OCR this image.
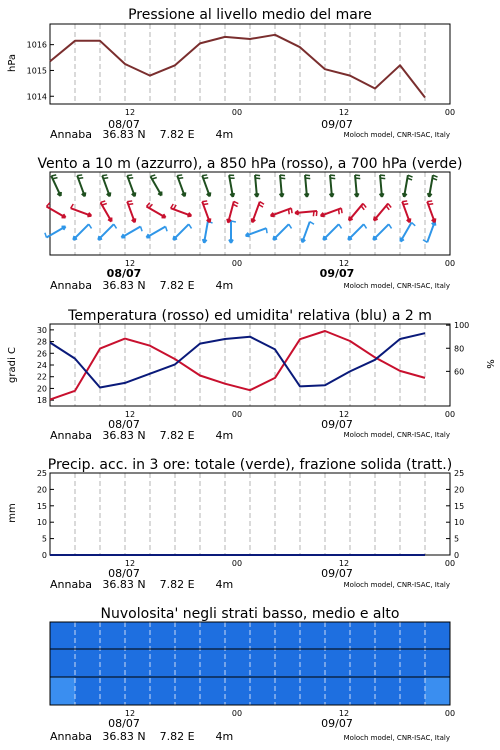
Pressione al livello medio del mare
hPa
1014
1015
1016
12	00	12	00
08/07	09/07
Annaba   36.83 N    7.82 E      4m	Moloch model, CNR-ISAC, Italy
Vento a 10 m (azzurro), a 850 hPa (rosso), a 700 hPa (verde)
12	00	12	00
08/07	09/07
Annaba   36.83 N    7.82 E      4m	Moloch model, CNR-ISAC, Italy
Temperatura (rosso) ed umidita' relativa (blu) a 2 m
gradi C	%
18
20
22
24
26
28
30
60
80
100
12	00	12	00
08/07	09/07
Annaba   36.83 N    7.82 E      4m	Moloch model, CNR-ISAC, Italy
Precip. acc. in 3 ore: totale (verde), frazione solida (tratt.)
mm
0
5
10
15
20
25
0
5
10
15
20
25
12	00	12	00
08/07	09/07
Annaba   36.83 N    7.82 E      4m	Moloch model, CNR-ISAC, Italy
Nuvolosita' negli strati basso, medio e alto
12	00	12	00
08/07	09/07
Annaba   36.83 N    7.82 E      4m	Moloch model, CNR-ISAC, Italy
